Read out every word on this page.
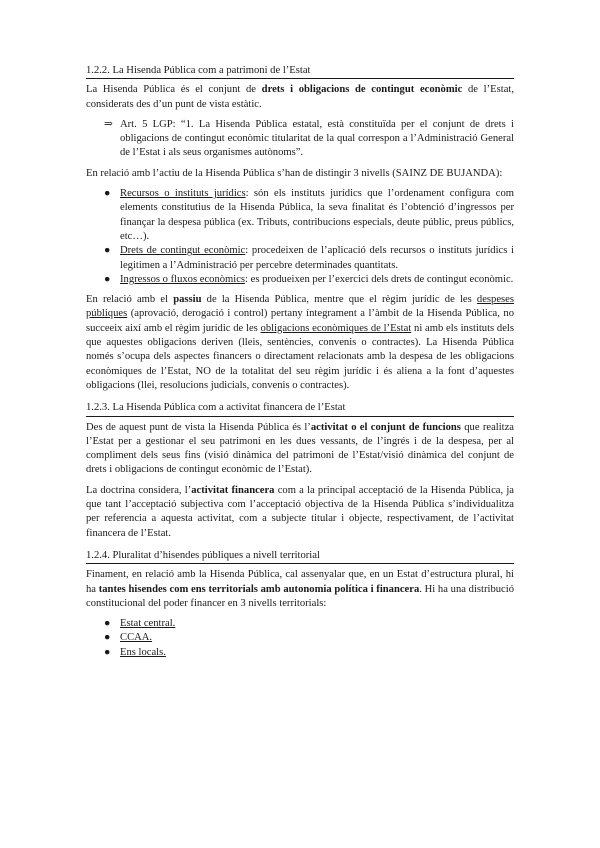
1.2.2. La Hisenda Pública com a patrimoni de l’Estat

La Hisenda Pública és el conjunt de drets i obligacions de contingut econòmic de l’Estat, considerats des d’un punt de vista estàtic.

⇒ Art. 5 LGP: “1. La Hisenda Pública estatal, està constituïda per el conjunt de drets i obligacions de contingut econòmic titularitat de la qual correspon a l’Administració General de l’Estat i als seus organismes autònoms”.

En relació amb l’actiu de la Hisenda Pública s’han de distingir 3 nivells (SAINZ DE BUJANDA):

● Recursos o instituts jurídics: són els instituts jurídics que l’ordenament configura com elements constitutius de la Hisenda Pública, la seva finalitat és l’obtenció d’ingressos per finançar la despesa pública (ex. Tributs, contribucions especials, deute públic, preus públics, etc…).
● Drets de contingut econòmic: procedeixen de l’aplicació dels recursos o instituts jurídics i legitimen a l’Administració per percebre determinades quantitats.
● Ingressos o fluxos econòmics: es produeixen per l’exercici dels drets de contingut econòmic.

En relació amb el passiu de la Hisenda Pública, mentre que el règim jurídic de les despeses públiques (aprovació, derogació i control) pertany íntegrament a l’àmbit de la Hisenda Pública, no succeeix així amb el règim jurídic de les obligacions econòmiques de l’Estat ni amb els instituts dels que aquestes obligacions deriven (lleis, sentències, convenis o contractes). La Hisenda Pública només s’ocupa dels aspectes financers o directament relacionats amb la despesa de les obligacions econòmiques de l’Estat, NO de la totalitat del seu règim jurídic i és aliena a la font d’aquestes obligacions (llei, resolucions judicials, convenis o contractes).

1.2.3. La Hisenda Pública com a activitat financera de l’Estat

Des de aquest punt de vista la Hisenda Pública és l’activitat o el conjunt de funcions que realitza l’Estat per a gestionar el seu patrimoni en les dues vessants, de l’ingrés i de la despesa, per al compliment dels seus fins (visió dinàmica del patrimoni de l’Estat/visió dinàmica del conjunt de drets i obligacions de contingut econòmic de l’Estat).

La doctrina considera, l’activitat financera com a la principal acceptació de la Hisenda Pública, ja que tant l’acceptació subjectiva com l’acceptació objectiva de la Hisenda Pública s’individualitza per referencia a aquesta activitat, com a subjecte titular i objecte, respectivament, de l’activitat financera de l’Estat.

1.2.4. Pluralitat d’hisendes públiques a nivell territorial

Finament, en relació amb la Hisenda Pública, cal assenyalar que, en un Estat d’estructura plural, hi ha tantes hisendes com ens territorials amb autonomia política i financera. Hi ha una distribució constitucional del poder financer en 3 nivells territorials:

● Estat central.
● CCAA.
● Ens locals.
